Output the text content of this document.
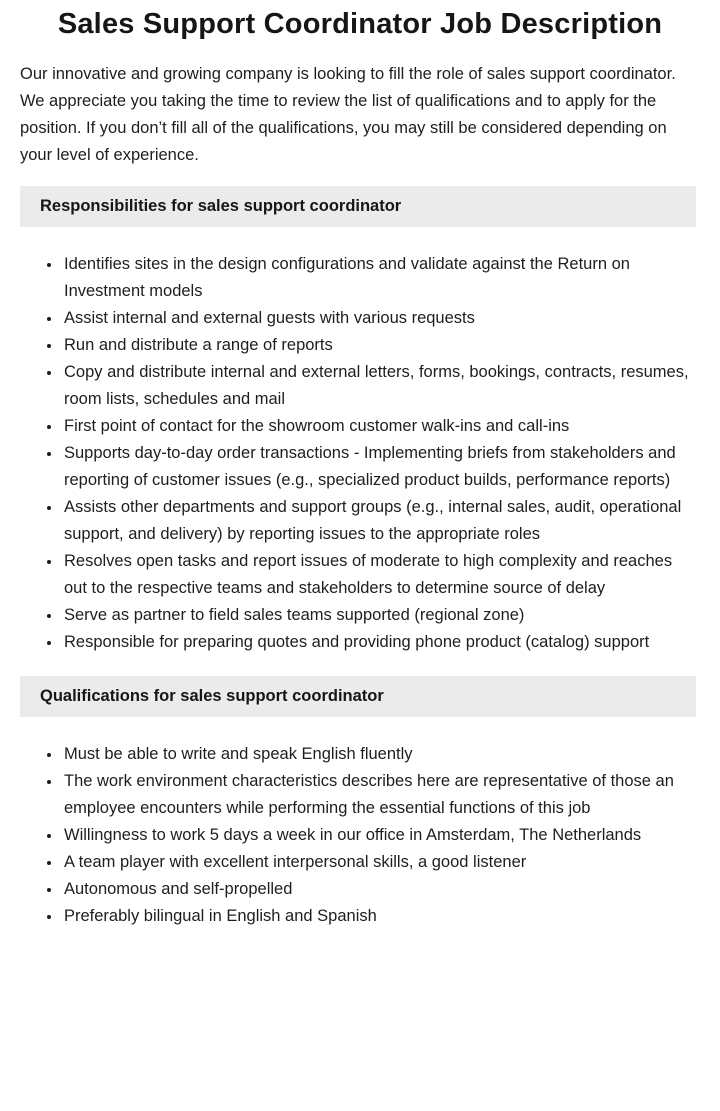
Sales Support Coordinator Job Description

Our innovative and growing company is looking to fill the role of sales support coordinator. We appreciate you taking the time to review the list of qualifications and to apply for the position. If you don’t fill all of the qualifications, you may still be considered depending on your level of experience.

Responsibilities for sales support coordinator
• Identifies sites in the design configurations and validate against the Return on Investment models
• Assist internal and external guests with various requests
• Run and distribute a range of reports
• Copy and distribute internal and external letters, forms, bookings, contracts, resumes, room lists, schedules and mail
• First point of contact for the showroom customer walk-ins and call-ins
• Supports day-to-day order transactions - Implementing briefs from stakeholders and reporting of customer issues (e.g., specialized product builds, performance reports)
• Assists other departments and support groups (e.g., internal sales, audit, operational support, and delivery) by reporting issues to the appropriate roles
• Resolves open tasks and report issues of moderate to high complexity and reaches out to the respective teams and stakeholders to determine source of delay
• Serve as partner to field sales teams supported (regional zone)
• Responsible for preparing quotes and providing phone product (catalog) support
Qualifications for sales support coordinator
• Must be able to write and speak English fluently
• The work environment characteristics describes here are representative of those an employee encounters while performing the essential functions of this job
• Willingness to work 5 days a week in our office in Amsterdam, The Netherlands
• A team player with excellent interpersonal skills, a good listener
• Autonomous and self-propelled
• Preferably bilingual in English and Spanish
